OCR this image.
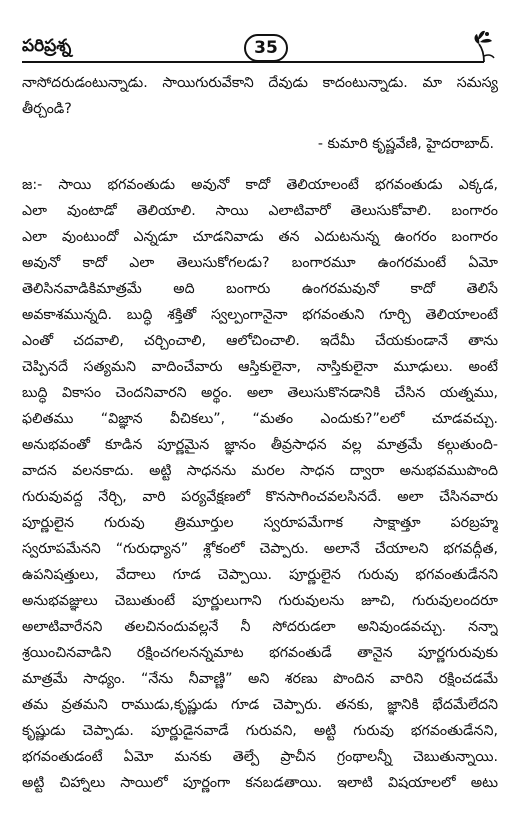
పరిప్రశ్న	35
నాసోదరుడంటున్నాడు. సాయిగురువేకాని దేవుడు కాదంటున్నాడు. మా సమస్య
తీర్చండి?
- కుమారి కృష్ణవేణి, హైదరాబాద్.
జ:- సాయి భగవంతుడు అవునో కాదో తెలియాలంటే భగవంతుడు ఎక్కడ,
ఎలా వుంటాడో తెలియాలి. సాయి ఎలాటివారో తెలుసుకోవాలి. బంగారం
ఎలా వుంటుందో ఎన్నడూ చూడనివాడు తన ఎదుటనున్న ఉంగరం బంగారం
అవునో కాదో ఎలా తెలుసుకోగలడు? బంగారమూ ఉంగరమంటే ఏమో
తెలిసినవాడికిమాత్రమే అది బంగారు ఉంగరమవునో కాదో తెలిసే
అవకాశమున్నది. బుద్ధి శక్తితో స్వల్పంగానైనా భగవంతుని గూర్చి తెలియాలంటే
ఎంతో చదవాలి, చర్చించాలి, ఆలోచించాలి. ఇదేమీ చేయకుండానే తాను
చెప్పినదే సత్యమని వాదించేవారు ఆస్తికులైనా, నాస్తికులైనా మూఢులు. అంటే
బుద్ధి వికాసం చెందనివారని అర్థం. అలా తెలుసుకొనడానికి చేసిన యత్నము,
ఫలితము “విజ్ఞాన వీచికలు”, “మతం ఎందుకు?”లలో చూడవచ్చు.
అనుభవంతో కూడిన పూర్ణమైన జ్ఞానం తీవ్రసాధన వల్ల మాత్రమే కల్గుతుంది-
వాదన వలనకాదు. అట్టి సాధనను మరల సాధన ద్వారా అనుభవముపొంది
గురువువద్ద నేర్చి, వారి పర్యవేక్షణలో కొనసాగించవలసినదే. అలా చేసినవారు
పూర్ణులైన గురువు త్రిమూర్తుల స్వరూపమేగాక సాక్షాత్తూ పరబ్రహ్మ
స్వరూపమేనని “గురుధ్యాన” శ్లోకంలో చెప్పారు. అలానే చేయాలని భగవద్గీత,
ఉపనిషత్తులు, వేదాలు గూడ చెప్పాయి. పూర్ణులైన గురువు భగవంతుడేనని
అనుభవజ్ఞులు చెబుతుంటే పూర్ణులుగాని గురువులను జూచి, గురువులందరూ
అలాటివారేనని తలచినందువల్లనే నీ సోదరుడలా అనివుండవచ్చు. నన్నా
శ్రయించినవాడిని రక్షించగలనన్నమాట భగవంతుడే తానైన పూర్ణగురువుకు
మాత్రమే సాధ్యం. “నేను నీవాణ్ణి” అని శరణు పొందిన వారిని రక్షించడమే
తమ వ్రతమని రాముడు,కృష్ణుడు గూడ చెప్పారు. తనకు, జ్ఞానికి భేదమేలేదని
కృష్ణుడు చెప్పాడు. పూర్ణుడైనవాడే గురువని, అట్టి గురువు భగవంతుడేనని,
భగవంతుడంటే ఏమో మనకు తెల్పే ప్రాచీన గ్రంథాలన్నీ చెబుతున్నాయి.
అట్టి చిహ్నాలు సాయిలో పూర్ణంగా కనబడతాయి. ఇలాటి విషయాలలో అటు
